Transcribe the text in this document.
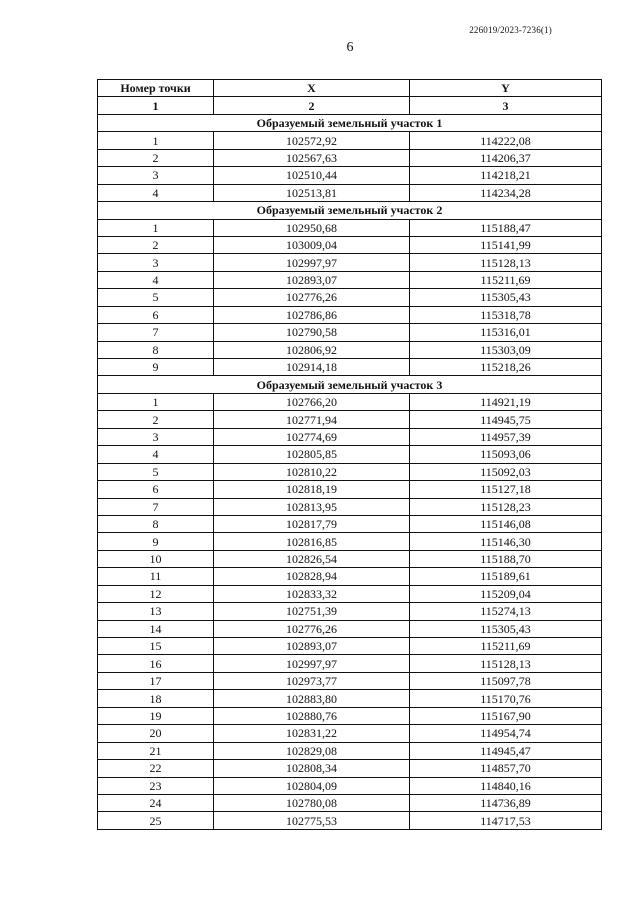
226019/2023-7236(1)
6
Номер точки	X	Y
1	2	3
Образуемый земельный участок 1		
1	102572,92	114222,08
2	102567,63	114206,37
3	102510,44	114218,21
4	102513,81	114234,28
Образуемый земельный участок 2		
1	102950,68	115188,47
2	103009,04	115141,99
3	102997,97	115128,13
4	102893,07	115211,69
5	102776,26	115305,43
6	102786,86	115318,78
7	102790,58	115316,01
8	102806,92	115303,09
9	102914,18	115218,26
Образуемый земельный участок 3		
1	102766,20	114921,19
2	102771,94	114945,75
3	102774,69	114957,39
4	102805,85	115093,06
5	102810,22	115092,03
6	102818,19	115127,18
7	102813,95	115128,23
8	102817,79	115146,08
9	102816,85	115146,30
10	102826,54	115188,70
11	102828,94	115189,61
12	102833,32	115209,04
13	102751,39	115274,13
14	102776,26	115305,43
15	102893,07	115211,69
16	102997,97	115128,13
17	102973,77	115097,78
18	102883,80	115170,76
19	102880,76	115167,90
20	102831,22	114954,74
21	102829,08	114945,47
22	102808,34	114857,70
23	102804,09	114840,16
24	102780,08	114736,89
25	102775,53	114717,53
